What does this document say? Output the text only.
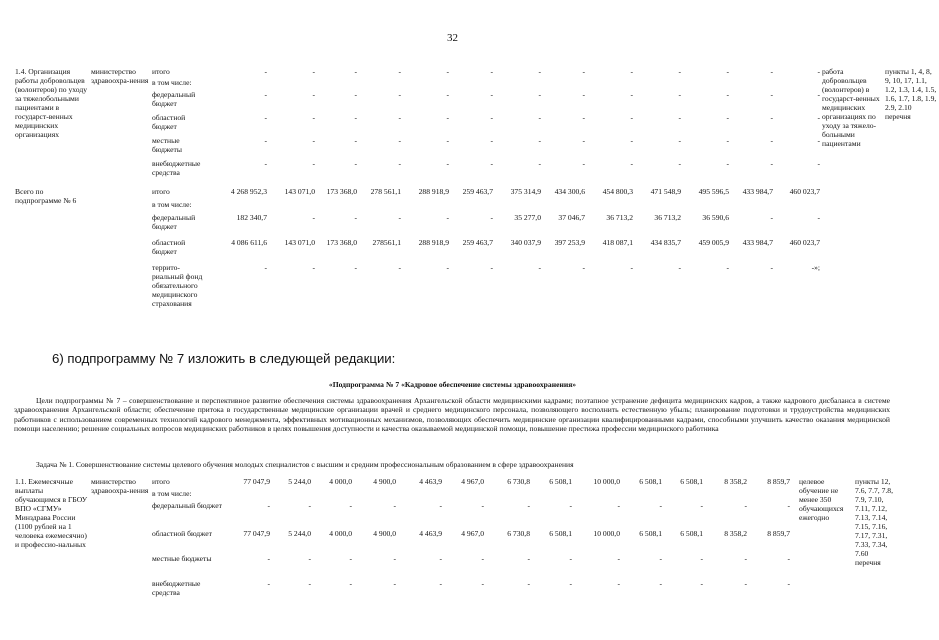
32
1.4. Организация работы добровольцев (волонтеров) по уходу за тяжелобольными пациентами в государст-венных медицинских организациях	министерство здравоохра-нения	итого	-	-	-	-	-	-	-	-	-	-	-	-	-	работа добровольцев (волонтеров) в государст-венных медицинских организациях по уходу за тяжело-больными пациентами	пункты 1, 4, 8, 9, 10, 17, 1.1, 1.2, 1.3, 1.4, 1.5, 1.6, 1.7, 1.8, 1.9, 2.9, 2.10 перечня
		в том числе:															
		федеральный бюджет	-	-	-	-	-	-	-	-	-	-	-	-	-		
		областной бюджет	-	-	-	-	-	-	-	-	-	-	-	-	-		
		местные бюджеты	-	-	-	-	-	-	-	-	-	-	-	-	-		
		внебюджетные средства	-	-	-	-	-	-	-	-	-	-	-	-	-		
Всего по подпрограмме № 6		итого	4 268 952,3	143 071,0	173 368,0	278 561,1	288 918,9	259 463,7	375 314,9	434 300,6	454 800,3	471 548,9	495 596,5	433 984,7	460 023,7		
		в том числе:															
		федеральный бюджет	182 340,7	-	-	-	-	-	35 277,0	37 046,7	36 713,2	36 713,2	36 590,6	-	-		
		областной бюджет	4 086 611,6	143 071,0	173 368,0	278561,1	288 918,9	259 463,7	340 037,9	397 253,9	418 087,1	434 835,7	459 005,9	433 984,7	460 023,7		
		террито-риальный фонд обязательного медицинского страхования	-	-	-	-	-	-	-	-	-	-	-	-	-»;		
6) подпрограмму № 7 изложить в следующей редакции:
«Подпрограмма № 7 «Кадровое обеспечение системы здравоохранения»
Цели подпрограммы № 7 – совершенствование и перспективное развитие обеспечения системы здравоохранения Архангельской области медицинскими кадрами; поэтапное устранение дефицита медицинских кадров, а также кадрового дисбаланса в системе здравоохранения Архангельской области; обеспечение притока в государственные медицинские организации врачей и среднего медицинского персонала, позволяющего восполнить естественную убыль; планирование подготовки и трудоустройства медицинских работников с использованием современных технологий кадрового менеджмента, эффективных мотивационных механизмов, позволяющих обеспечить медицинские организации квалифицированными кадрами, способными улучшить качество оказания медицинской помощи населению; решение социальных вопросов медицинских работников в целях повышения доступности и качества оказываемой медицинской помощи, повышение престижа профессии медицинского работника
Задача № 1. Совершенствование системы целевого обучения молодых специалистов с высшим и средним профессиональным образованием в сфере здравоохранения
1.1. Ежемесячные выплаты обучающимся в ГБОУ ВПО «СГМУ» Минздрава России (1100 рублей на 1 человека ежемесячно) и профессио-нальных	министерство здравоохра-нения	итого	77 047,9	5 244,0	4 000,0	4 900,0	4 463,9	4 967,0	6 730,8	6 508,1	10 000,0	6 508,1	6 508,1	8 358,2	8 859,7	целевое обучение не менее 350 обучающихся ежегодно	пункты 12, 7.6, 7.7, 7.8, 7.9, 7.10, 7.11, 7.12, 7.13, 7.14, 7.15, 7.16, 7.17, 7.31, 7.33, 7.34, 7.60 перечня
		в том числе:															
		федеральный бюджет	-	-	-	-	-	-	-	-	-	-	-	-	-		
		областной бюджет	77 047,9	5 244,0	4 000,0	4 900,0	4 463,9	4 967,0	6 730,8	6 508,1	10 000,0	6 508,1	6 508,1	8 358,2	8 859,7		
		местные бюджеты	-	-	-	-	-	-	-	-	-	-	-	-	-		
		внебюджетные средства	-	-	-	-	-	-	-	-	-	-	-	-	-		
